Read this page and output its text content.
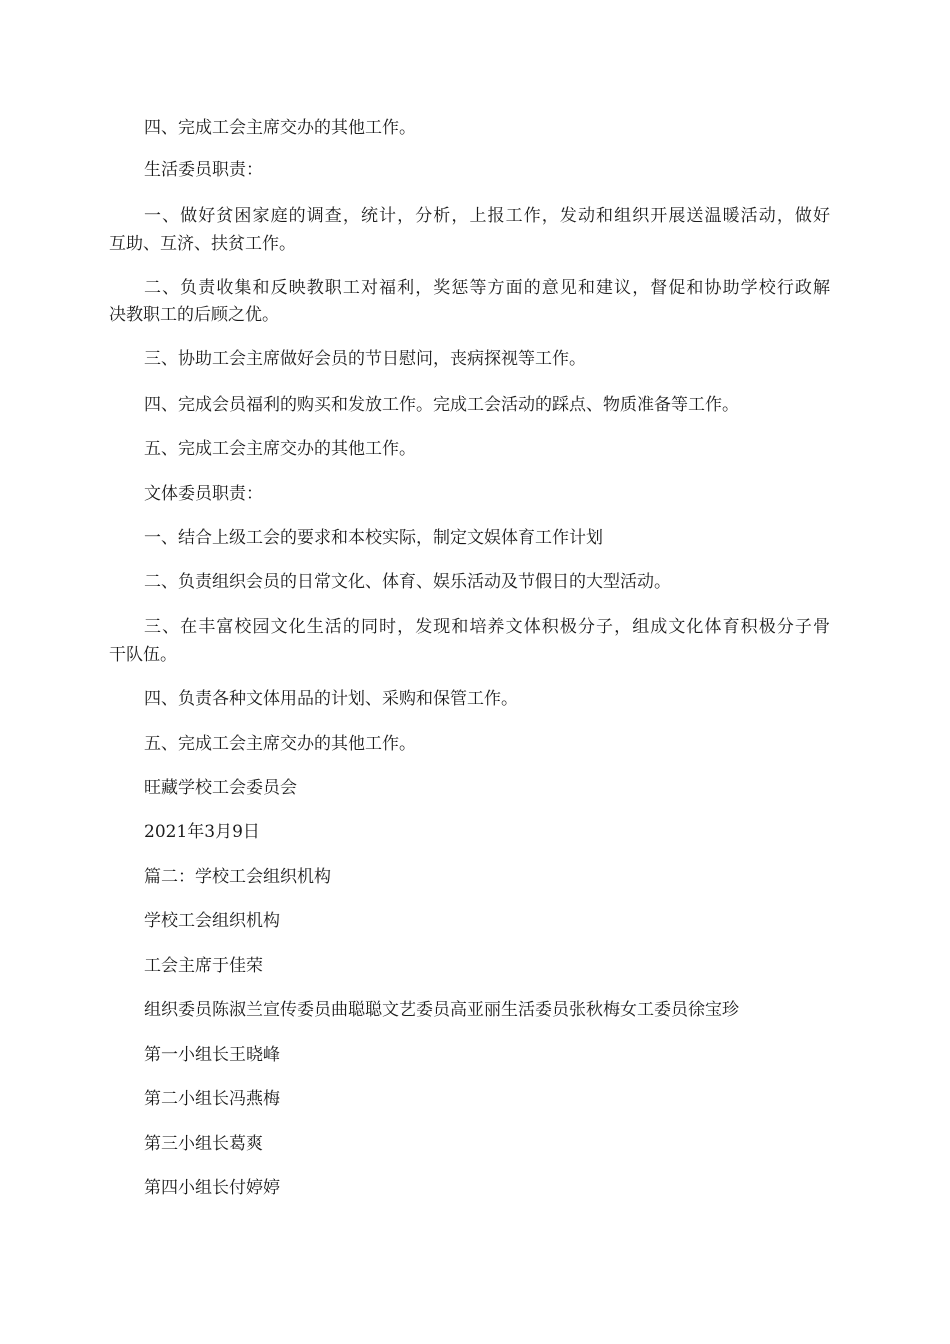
四、完成工会主席交办的其他工作。
生活委员职责：
一、做好贫困家庭的调查，统计，分析，上报工作，发动和组织开展送温暖活动，做好
互助、互济、扶贫工作。
二、负责收集和反映教职工对福利，奖惩等方面的意见和建议，督促和协助学校行政解
决教职工的后顾之优。
三、协助工会主席做好会员的节日慰问，丧病探视等工作。
四、完成会员福利的购买和发放工作。完成工会活动的踩点、物质准备等工作。
五、完成工会主席交办的其他工作。
文体委员职责：
一、结合上级工会的要求和本校实际，制定文娱体育工作计划
二、负责组织会员的日常文化、体育、娱乐活动及节假日的大型活动。
三、在丰富校园文化生活的同时，发现和培养文体积极分子，组成文化体育积极分子骨
干队伍。
四、负责各种文体用品的计划、采购和保管工作。
五、完成工会主席交办的其他工作。
旺藏学校工会委员会
2021年3月9日
篇二：学校工会组织机构
学校工会组织机构
工会主席于佳荣
组织委员陈淑兰宣传委员曲聪聪文艺委员高亚丽生活委员张秋梅女工委员徐宝珍
第一小组长王晓峰
第二小组长冯燕梅
第三小组长葛爽
第四小组长付婷婷
